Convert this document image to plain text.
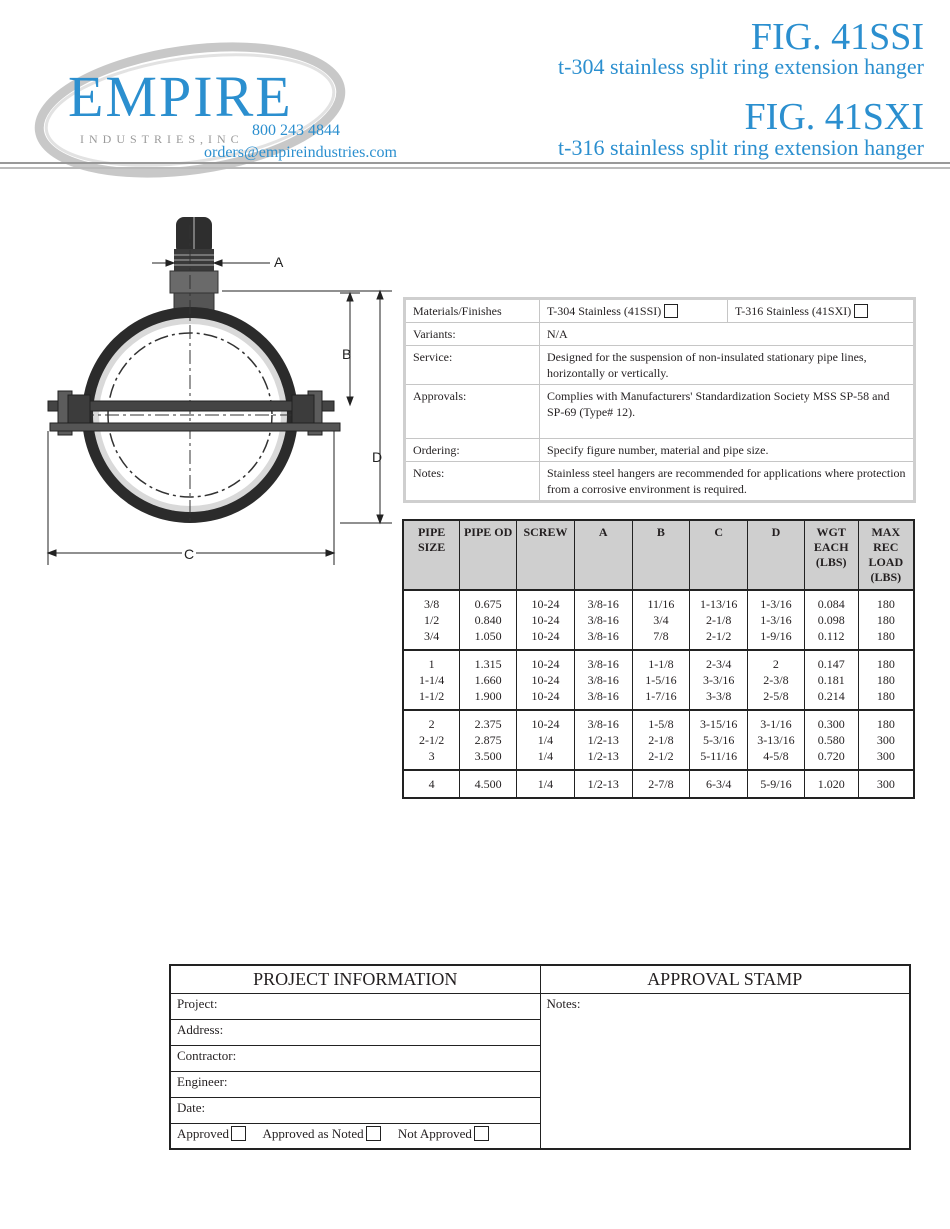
EMPIRE
INDUSTRIES,INC 800 243 4844
orders@empireindustries.com
FIG. 41SSI
t-304 stainless split ring extension hanger
FIG. 41SXI
t-316 stainless split ring extension hanger
A
B
D
C
Materials/Finishes	T-304 Stainless (41SSI)	T-316 Stainless (41SXI)
Variants:	N/A	
Service:	Designed for the suspension of non-insulated stationary pipe lines, horizontally or vertically.	
Approvals:	Complies with Manufacturers' Standardization Society MSS SP-58 and SP-69 (Type# 12).	
Ordering:	Specify figure number, material and pipe size.	
Notes:	Stainless steel hangers are recommended for applications where protection from a corrosive environment is required.	
PIPE SIZE	PIPE OD	SCREW	A	B	C	D	WGT EACH (LBS)	MAX REC LOAD (LBS)
3/8	0.675	10-24	3/8-16	11/16	1-13/16	1-3/16	0.084	180
1/2	0.840	10-24	3/8-16	3/4	2-1/8	1-3/16	0.098	180
3/4	1.050	10-24	3/8-16	7/8	2-1/2	1-9/16	0.112	180
1	1.315	10-24	3/8-16	1-1/8	2-3/4	2	0.147	180
1-1/4	1.660	10-24	3/8-16	1-5/16	3-3/16	2-3/8	0.181	180
1-1/2	1.900	10-24	3/8-16	1-7/16	3-3/8	2-5/8	0.214	180
2	2.375	10-24	3/8-16	1-5/8	3-15/16	3-1/16	0.300	180
2-1/2	2.875	1/4	1/2-13	2-1/8	5-3/16	3-13/16	0.580	300
3	3.500	1/4	1/2-13	2-1/2	5-11/16	4-5/8	0.720	300
4	4.500	1/4	1/2-13	2-7/8	6-3/4	5-9/16	1.020	300
PROJECT INFORMATION	APPROVAL STAMP
Project:	Notes:

Address:	
Contractor:	
Engineer:	
Date:	
Approved Approved as Noted Not Approved	
